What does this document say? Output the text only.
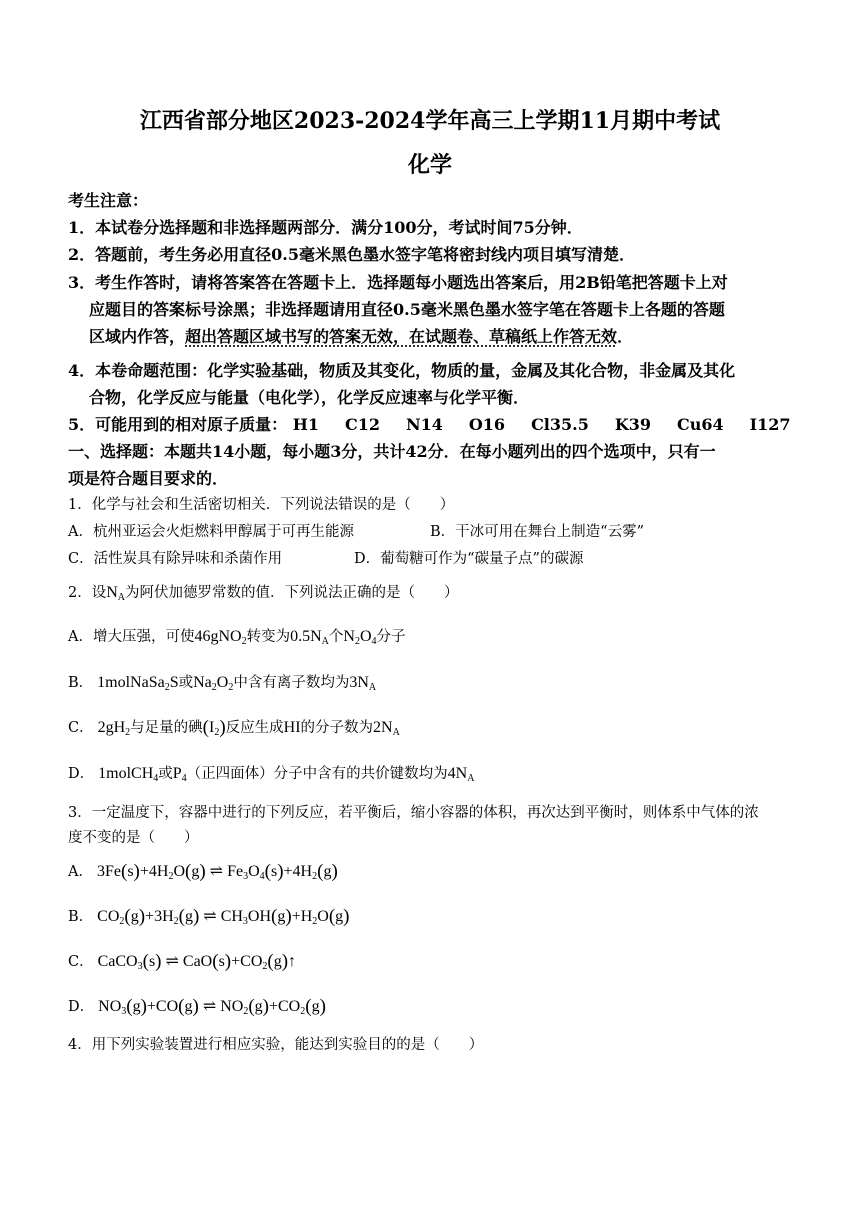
江西省部分地区2023-2024学年高三上学期11月期中考试
化学
考生注意：
1．本试卷分选择题和非选择题两部分．满分100分，考试时间75分钟．
2．答题前，考生务必用直径0.5毫米黑色墨水签字笔将密封线内项目填写清楚．
3．考生作答时，请将答案答在答题卡上．选择题每小题选出答案后，用2B铅笔把答题卡上对
应题目的答案标号涂黑；非选择题请用直径0.5毫米黑色墨水签字笔在答题卡上各题的答题
区域内作答，超出答题区域书写的答案无效，在试题卷、草稿纸上作答无效．
4．本卷命题范围：化学实验基础，物质及其变化，物质的量，金属及其化合物，非金属及其化
合物，化学反应与能量（电化学），化学反应速率与化学平衡．
5．可能用到的相对原子质量： H1 C12 N14 O16 Cl35.5 K39 Cu64 I127
一、选择题：本题共14小题，每小题3分，共计42分．在每小题列出的四个选项中，只有一
项是符合题目要求的．
1．化学与社会和生活密切相关．下列说法错误的是（　　）
A．杭州亚运会火炬燃料甲醇属于可再生能源	B．干冰可用在舞台上制造“云雾”
C．活性炭具有除异味和杀菌作用	D．葡萄糖可作为“碳量子点”的碳源
2．设$N_A$为阿伏加德罗常数的值．下列说法正确的是（　　）
A．增大压强，可使46gNO$_2$转变为$0.5N_A$个$N_2O_4$分子
B． 1molNaSa$_2$S或$Na_2O_2$中含有离子数均为$3N_A$
C． $2gH_2$与足量的碘$(I_2)$反应生成HI的分子数为$2N_A$
D． 1molCH$_4$或$P_4$（正四面体）分子中含有的共价键数均为$4N_A$
3．一定温度下，容器中进行的下列反应，若平衡后，缩小容器的体积，再次达到平衡时，则体系中气体的浓
度不变的是（　　）
A． $3Fe(s)+4H_2O(g)$ ⇌ $Fe_3O_4(s)+4H_2(g)$
B． $CO_2(g)+3H_2(g)$ ⇌ $CH_3OH(g)+H_2O(g)$
C． CaCO$_3$(s) ⇌ $CaO(s)+CO_2(g)↑$
D． $NO_3(g)+CO(g)$ ⇌ $NO_2(g)+CO_2(g)$
4．用下列实验装置进行相应实验，能达到实验目的的是（　　）
